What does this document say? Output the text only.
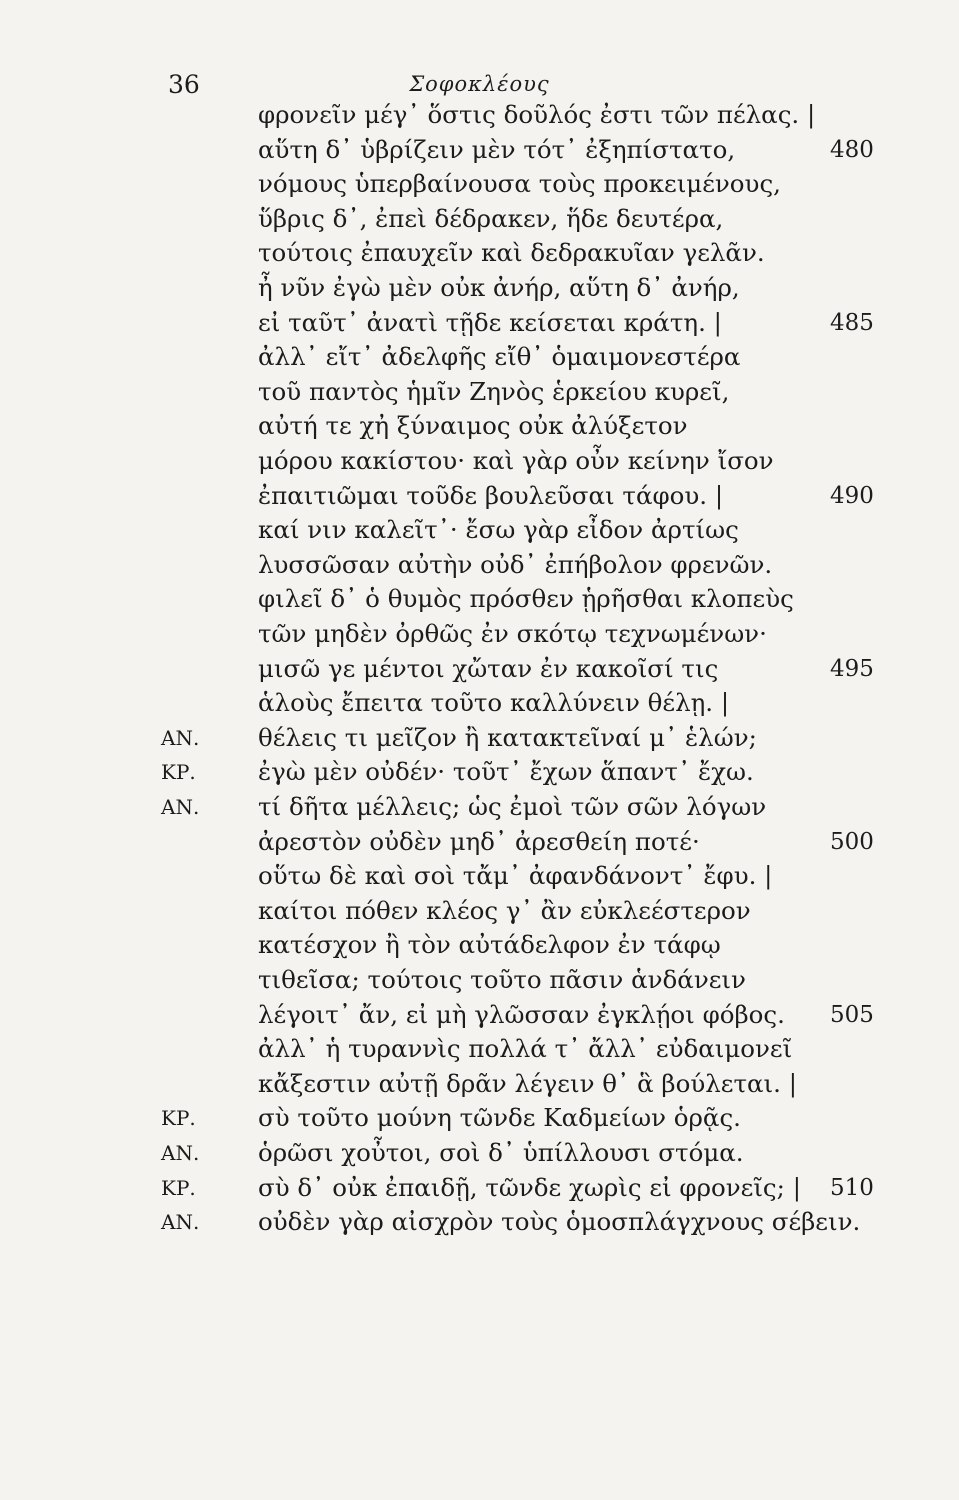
36	Σοφοκλέους
φρονεῖν μέγ᾽ ὅστις δοῦλός ἐστι τῶν πέλας. |
αὕτη δ᾽ ὑβρίζειν μὲν τότ᾽ ἐξηπίστατο,	480
νόμους ὑπερβαίνουσα τοὺς προκειμένους,
ὕβρις δ᾽, ἐπεὶ δέδρακεν, ἥδε δευτέρα,
τούτοις ἐπαυχεῖν καὶ δεδρακυῖαν γελᾶν.
ἦ νῦν ἐγὼ μὲν οὐκ ἀνήρ, αὕτη δ᾽ ἀνήρ,
εἰ ταῦτ᾽ ἀνατὶ τῇδε κείσεται κράτη. |	485
ἀλλ᾽ εἴτ᾽ ἀδελφῆς εἴθ᾽ ὁμαιμονεστέρα
τοῦ παντὸς ἡμῖν Ζηνὸς ἑρκείου κυρεῖ,
αὐτή τε χἠ ξύναιμος οὐκ ἀλύξετον
μόρου κακίστου· καὶ γὰρ οὖν κείνην ἴσον
ἐπαιτιῶμαι τοῦδε βουλεῦσαι τάφου. |	490
καί νιν καλεῖτ᾽· ἔσω γὰρ εἶδον ἀρτίως
λυσσῶσαν αὐτὴν οὐδ᾽ ἐπήβολον φρενῶν.
φιλεῖ δ᾽ ὁ θυμὸς πρόσθεν ᾑρῆσθαι κλοπεὺς
τῶν μηδὲν ὀρθῶς ἐν σκότῳ τεχνωμένων·
μισῶ γε μέντοι χὤταν ἐν κακοῖσί τις	495
ἁλοὺς ἔπειτα τοῦτο καλλύνειν θέλῃ. |
ΑΝ. θέλεις τι μεῖζον ἢ κατακτεῖναί μ᾽ ἑλών;
ΚΡ.	ἐγὼ μὲν οὐδέν· τοῦτ᾽ ἔχων ἅπαντ᾽ ἔχω.
ΑΝ. τί δῆτα μέλλεις; ὡς ἐμοὶ τῶν σῶν λόγων
ἀρεστὸν οὐδὲν μηδ᾽ ἀρεσθείη ποτέ·	500
οὕτω δὲ καὶ σοὶ τἄμ᾽ ἀφανδάνοντ᾽ ἔφυ. |
καίτοι πόθεν κλέος γ᾽ ἂν εὐκλεέστερον
κατέσχον ἢ τὸν αὐτάδελφον ἐν τάφῳ
τιθεῖσα; τούτοις τοῦτο πᾶσιν ἁνδάνειν
λέγοιτ᾽ ἄν, εἰ μὴ γλῶσσαν ἐγκλῄοι φόβος. 505
ἀλλ᾽ ἡ τυραννὶς πολλά τ᾽ ἄλλ᾽ εὐδαιμονεῖ
κἄξεστιν αὐτῇ δρᾶν λέγειν θ᾽ ἃ βούλεται. |
ΚΡ.	σὺ τοῦτο μούνη τῶνδε Καδμείων ὁρᾷς.
ΑΝ. ὁρῶσι χοὖτοι, σοὶ δ᾽ ὑπίλλουσι στόμα.
ΚΡ.	σὺ δ᾽ οὐκ ἐπαιδῇ, τῶνδε χωρὶς εἰ φρονεῖς; | 510
ΑΝ. οὐδὲν γὰρ αἰσχρὸν τοὺς ὁμοσπλάγχνους σέβειν.
